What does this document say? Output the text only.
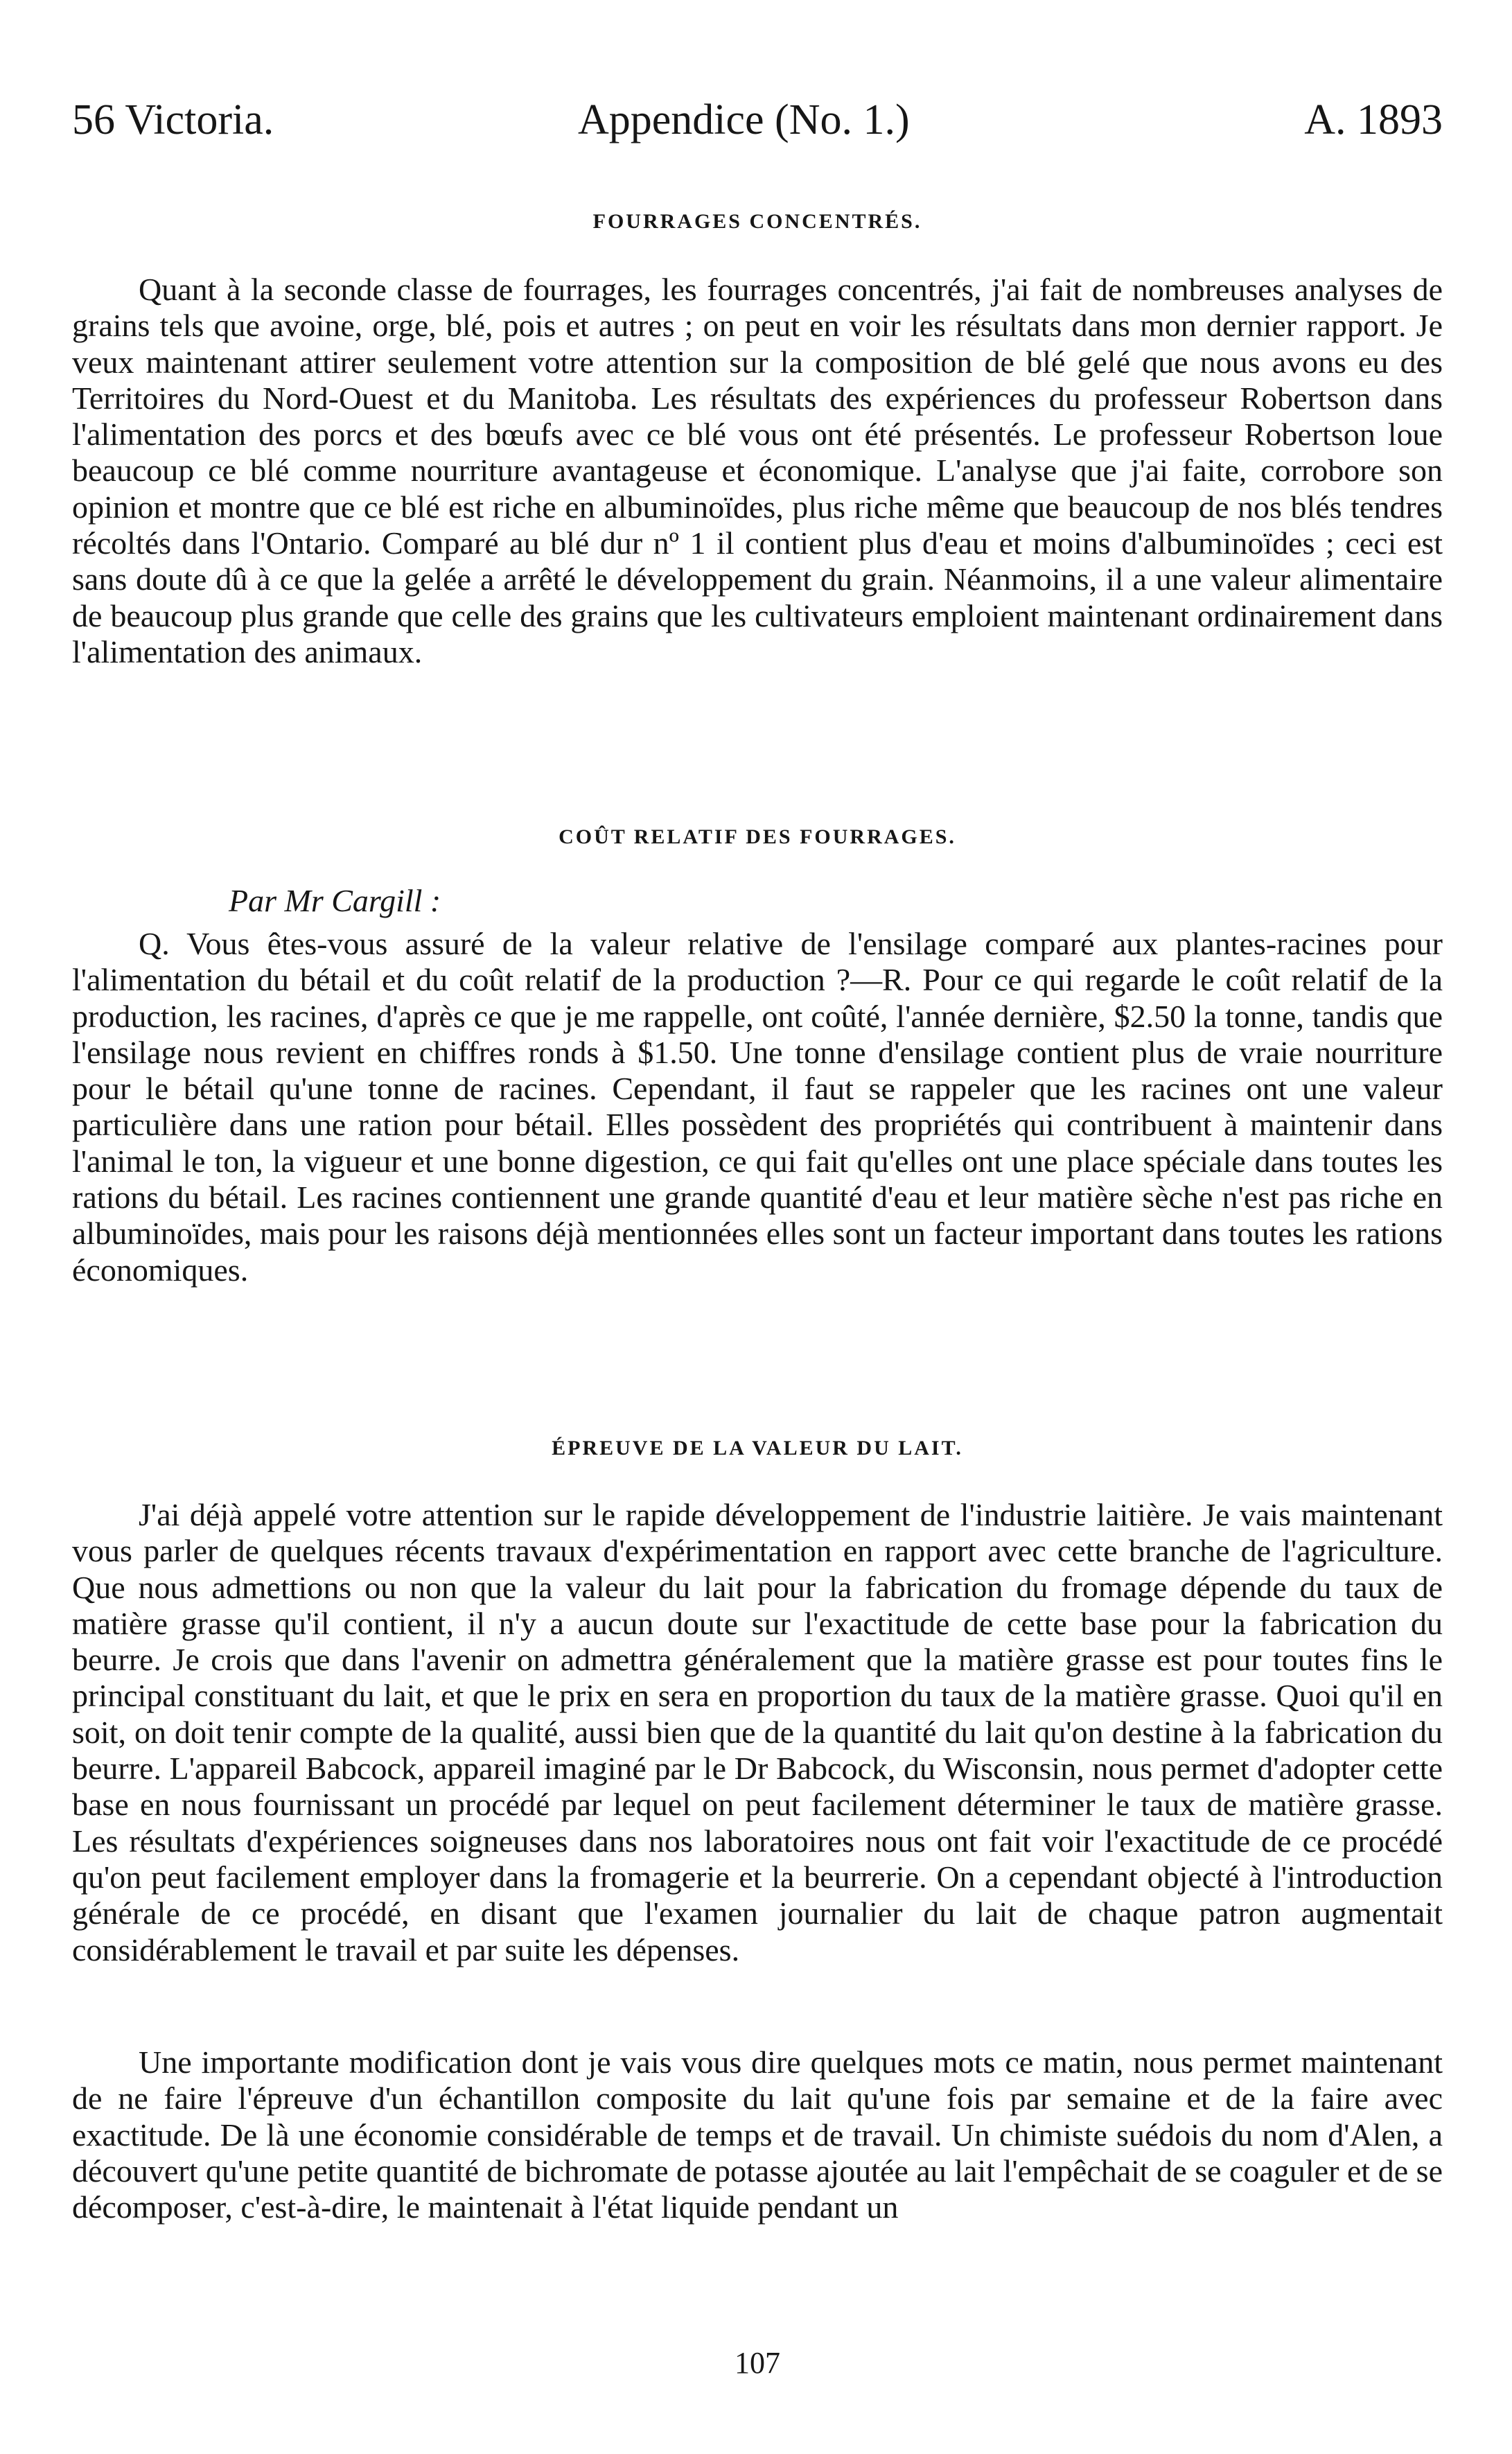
56 Victoria.	Appendice (No. 1.)	A. 1893
FOURRAGES CONCENTRÉS.

Quant à la seconde classe de fourrages, les fourrages concentrés, j'ai fait de nombreuses analyses de grains tels que avoine, orge, blé, pois et autres ; on peut en voir les résultats dans mon dernier rapport. Je veux maintenant attirer seulement votre attention sur la composition de blé gelé que nous avons eu des Territoires du Nord-Ouest et du Manitoba. Les résultats des expériences du professeur Robertson dans l'alimentation des porcs et des bœufs avec ce blé vous ont été présentés. Le professeur Robertson loue beaucoup ce blé comme nourriture avantageuse et économique. L'analyse que j'ai faite, corrobore son opinion et montre que ce blé est riche en albuminoïdes, plus riche même que beaucoup de nos blés tendres récoltés dans l'Ontario. Comparé au blé dur nº 1 il contient plus d'eau et moins d'albuminoïdes ; ceci est sans doute dû à ce que la gelée a arrêté le développement du grain. Néanmoins, il a une valeur alimentaire de beaucoup plus grande que celle des grains que les cultivateurs emploient maintenant ordinairement dans l'alimentation des animaux.

COÛT RELATIF DES FOURRAGES.
Par Mr Cargill :

Q. Vous êtes-vous assuré de la valeur relative de l'ensilage comparé aux plantes-racines pour l'alimentation du bétail et du coût relatif de la production ?—R. Pour ce qui regarde le coût relatif de la production, les racines, d'après ce que je me rappelle, ont coûté, l'année dernière, $2.50 la tonne, tandis que l'ensilage nous revient en chiffres ronds à $1.50. Une tonne d'ensilage contient plus de vraie nourriture pour le bétail qu'une tonne de racines. Cependant, il faut se rappeler que les racines ont une valeur particulière dans une ration pour bétail. Elles possèdent des propriétés qui contribuent à maintenir dans l'animal le ton, la vigueur et une bonne digestion, ce qui fait qu'elles ont une place spéciale dans toutes les rations du bétail. Les racines contiennent une grande quantité d'eau et leur matière sèche n'est pas riche en albuminoïdes, mais pour les raisons déjà mentionnées elles sont un facteur important dans toutes les rations économiques.

ÉPREUVE DE LA VALEUR DU LAIT.

J'ai déjà appelé votre attention sur le rapide développement de l'industrie laitière. Je vais maintenant vous parler de quelques récents travaux d'expérimentation en rapport avec cette branche de l'agriculture. Que nous admettions ou non que la valeur du lait pour la fabrication du fromage dépende du taux de matière grasse qu'il contient, il n'y a aucun doute sur l'exactitude de cette base pour la fabrication du beurre. Je crois que dans l'avenir on admettra généralement que la matière grasse est pour toutes fins le principal constituant du lait, et que le prix en sera en proportion du taux de la matière grasse. Quoi qu'il en soit, on doit tenir compte de la qualité, aussi bien que de la quantité du lait qu'on destine à la fabrication du beurre. L'appareil Babcock, appareil imaginé par le Dr Babcock, du Wisconsin, nous permet d'adopter cette base en nous fournissant un procédé par lequel on peut facilement déterminer le taux de matière grasse. Les résultats d'expériences soigneuses dans nos laboratoires nous ont fait voir l'exactitude de ce procédé qu'on peut facilement employer dans la fromagerie et la beurrerie. On a cependant objecté à l'introduction générale de ce procédé, en disant que l'examen journalier du lait de chaque patron augmentait considérablement le travail et par suite les dépenses.

Une importante modification dont je vais vous dire quelques mots ce matin, nous permet maintenant de ne faire l'épreuve d'un échantillon composite du lait qu'une fois par semaine et de la faire avec exactitude. De là une économie considérable de temps et de travail. Un chimiste suédois du nom d'Alen, a découvert qu'une petite quantité de bichromate de potasse ajoutée au lait l'empêchait de se coaguler et de se décomposer, c'est-à-dire, le maintenait à l'état liquide pendant un

107
